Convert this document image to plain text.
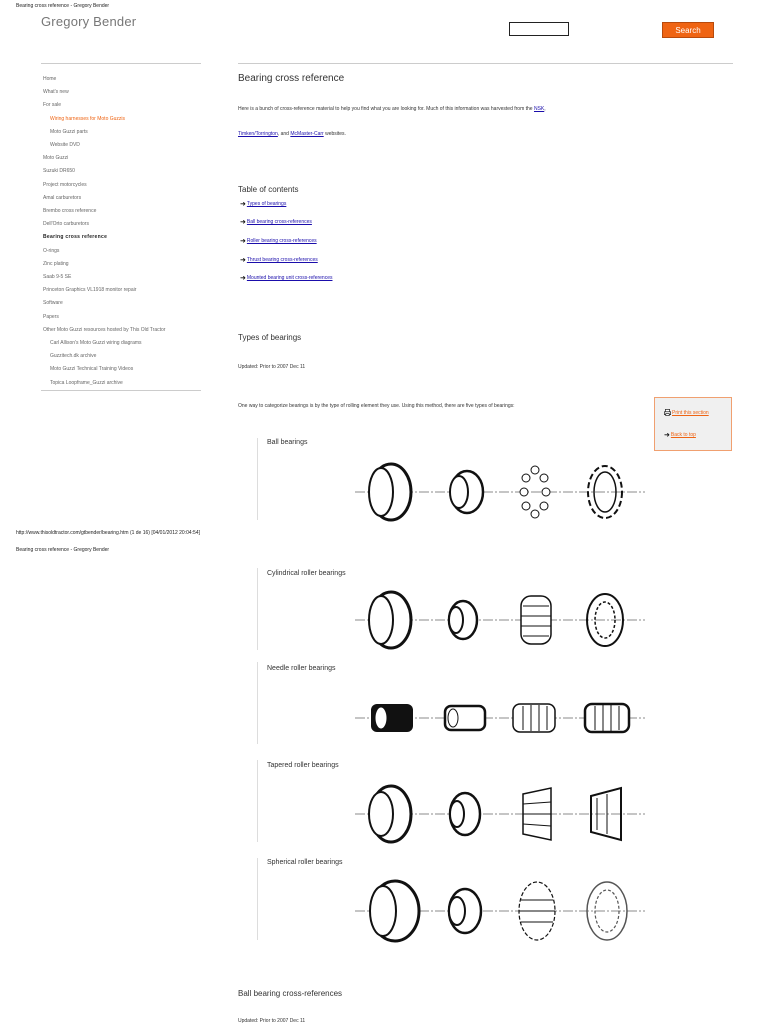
Bearing cross reference - Gregory Bender
http://www.thisoldtractor.com/gtbender/bearing.htm (1 de 16) [04/01/2012 20:04:54]
Bearing cross reference - Gregory Bender
Gregory Bender
Search
Home
What's new
For sale
Wiring harnesses for Moto Guzzis
Moto Guzzi parts
Website DVD
Moto Guzzi
Suzuki DR650
Project motorcycles
Amal carburetors
Brembo cross reference
Dell'Orto carburetors
Bearing cross reference
O-rings
Zinc plating
Saab 9-5 SE
Princeton Graphics VL1918 monitor repair
Software
Papers
Other Moto Guzzi resources hosted by This Old Tractor
Carl Allison's Moto Guzzi wiring diagrams
Guzzitech.dk archive
Moto Guzzi Technical Training Videos
Topica Loopframe_Guzzi archive
Bearing cross reference
Here is a bunch of cross-reference material to help you find what you are looking for. Much of this information was harvested from the NSK,
Timken/Torrington, and McMaster-Carr websites.
Table of contents
➜ Types of bearings
➜ Ball bearing cross-references
➜ Roller bearing cross-references
➜ Thrust bearing cross-references
➜ Mounted bearing unit cross-references
Types of bearings
Updated: Prior to 2007 Dec 11
One way to categorize bearings is by the type of rolling element they use. Using this method, there are five types of bearings:
Print this section
➜ Back to top
Ball bearings
Cylindrical roller bearings
Needle roller bearings
Tapered roller bearings
Spherical roller bearings
Ball bearing cross-references
Updated: Prior to 2007 Dec 11
